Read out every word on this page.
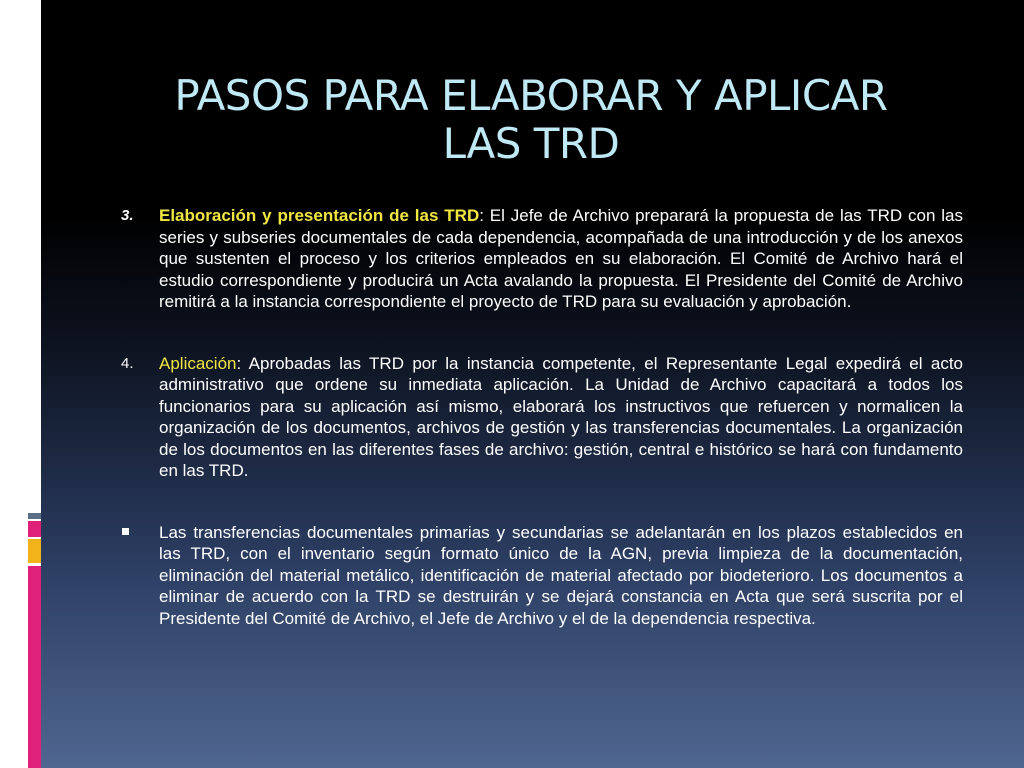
PASOS PARA ELABORAR Y APLICAR
LAS TRD
3. Elaboración y presentación de las TRD: El Jefe de Archivo preparará la propuesta de las TRD con las series y subseries documentales de cada dependencia, acompañada de una introducción y de los anexos que sustenten el proceso y los criterios empleados en su elaboración. El Comité de Archivo hará el estudio correspondiente y producirá un Acta avalando la propuesta. El Presidente del Comité de Archivo remitirá a la instancia correspondiente el proyecto de TRD para su evaluación y aprobación.
4. Aplicación: Aprobadas las TRD por la instancia competente, el Representante Legal expedirá el acto administrativo que ordene su inmediata aplicación. La Unidad de Archivo capacitará a todos los funcionarios para su aplicación así mismo, elaborará los instructivos que refuercen y normalicen la organización de los documentos, archivos de gestión y las transferencias documentales. La organización de los documentos en las diferentes fases de archivo: gestión, central e histórico se hará con fundamento en las TRD.
Las transferencias documentales primarias y secundarias se adelantarán en los plazos establecidos en las TRD, con el inventario según formato único de la AGN, previa limpieza de la documentación, eliminación del material metálico, identificación de material afectado por biodeterioro. Los documentos a eliminar de acuerdo con la TRD se destruirán y se dejará constancia en Acta que será suscrita por el Presidente del Comité de Archivo, el Jefe de Archivo y el de la dependencia respectiva.
